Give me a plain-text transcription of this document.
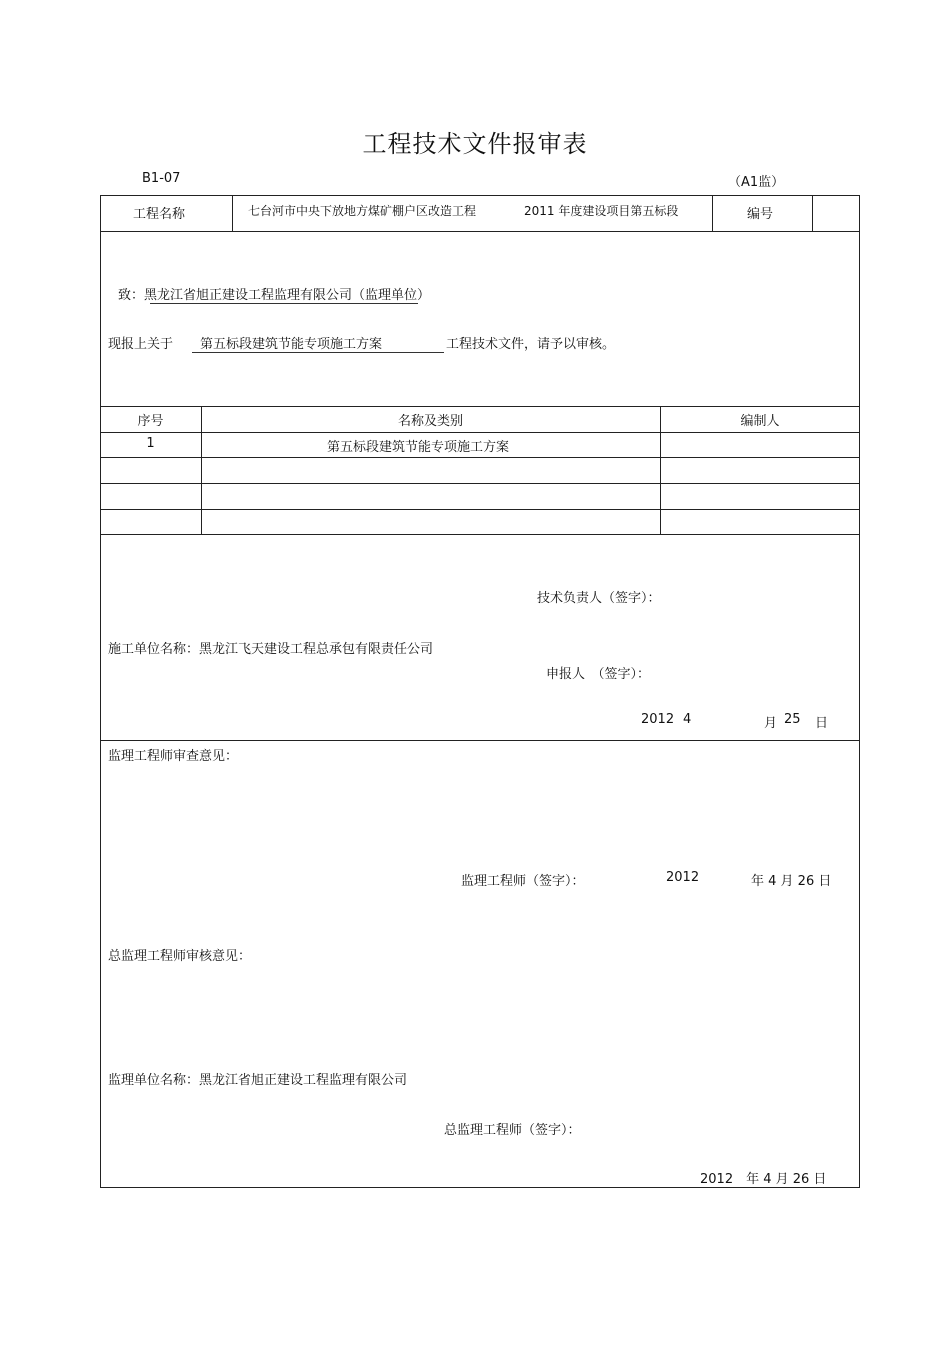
工程技术文件报审表
B1-07	（A1监）
工程名称	七台河市中央下放地方煤矿棚户区改造工程	2011 年度建设项目第五标段	编号
致：黑龙江省旭正建设工程监理有限公司（监理单位）
现报上关于 第五标段建筑节能专项施工方案	工程技术文件，请予以审核。
序号	名称及类别	编制人
1	第五标段建筑节能专项施工方案
技术负责人（签字）：
施工单位名称：黑龙江飞天建设工程总承包有限责任公司
申报人　（签字）：
2012 4	月 25 日
监理工程师审查意见：
监理工程师（签字）：	2012	年 4 月 26 日
总监理工程师审核意见：
监理单位名称：黑龙江省旭正建设工程监理有限公司
总监理工程师（签字）：
2012　年 4 月 26 日
